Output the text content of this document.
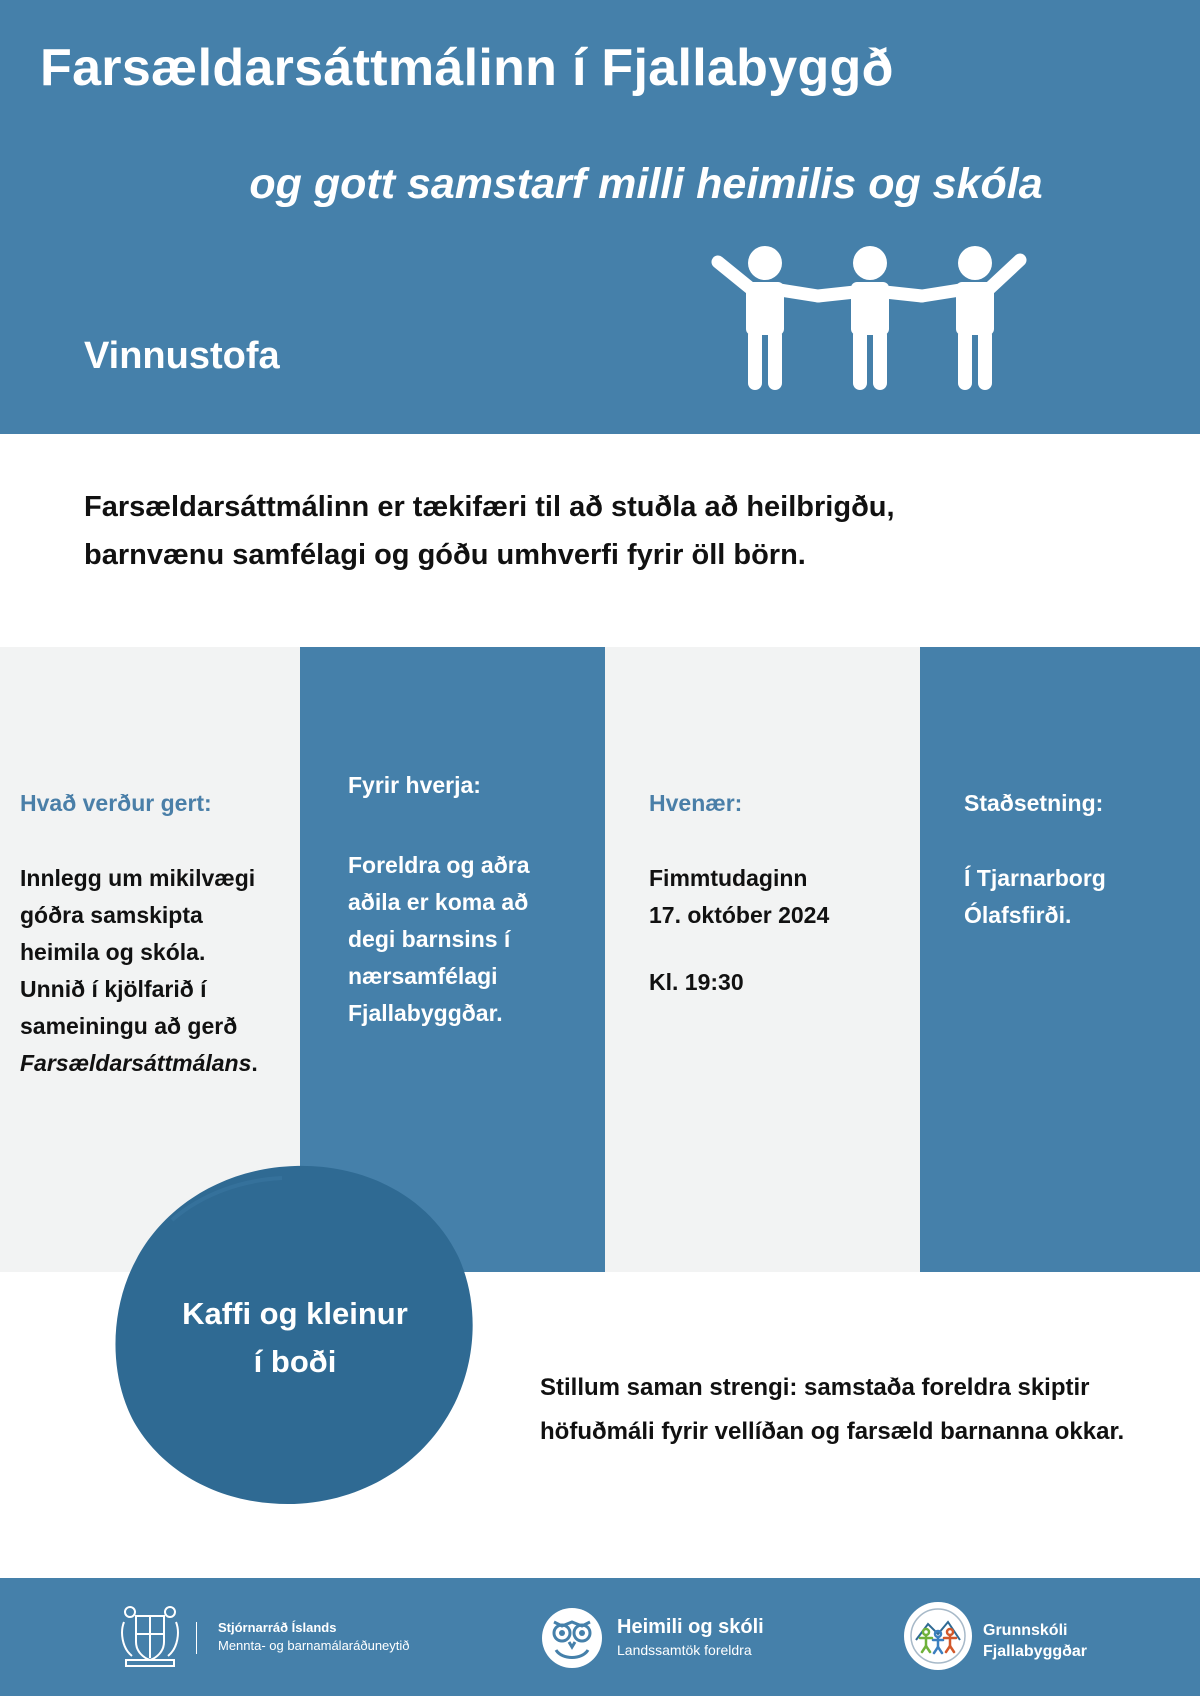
Farsældarsáttmálinn í Fjallabyggð

og gott samstarf milli heimilis og skóla

Vinnustofa
Farsældarsáttmálinn er tækifæri til að stuðla að heilbrigðu,
barnvænu samfélagi og góðu umhverfi fyrir öll börn.
Hvað verður gert:
Innlegg um mikilvægi
góðra samskipta
heimila og skóla.
Unnið í kjölfarið í
sameiningu að gerð
Farsældarsáttmálans.
Fyrir hverja:
Foreldra og aðra
aðila er koma að
degi barnsins í
nærsamfélagi
Fjallabyggðar.
Hvenær:
Fimmtudaginn
17. október 2024
Kl. 19:30
Staðsetning:
Í Tjarnarborg
Ólafsfirði.
Kaffi og kleinur
í boði
Stillum saman strengi: samstaða foreldra skiptir
höfuðmáli fyrir vellíðan og farsæld barnanna okkar.
Stjórnarráð Íslands
Mennta- og barnamálaráðuneytið
Heimili og skóli
Landssamtök foreldra
Grunnskóli
Fjallabyggðar
